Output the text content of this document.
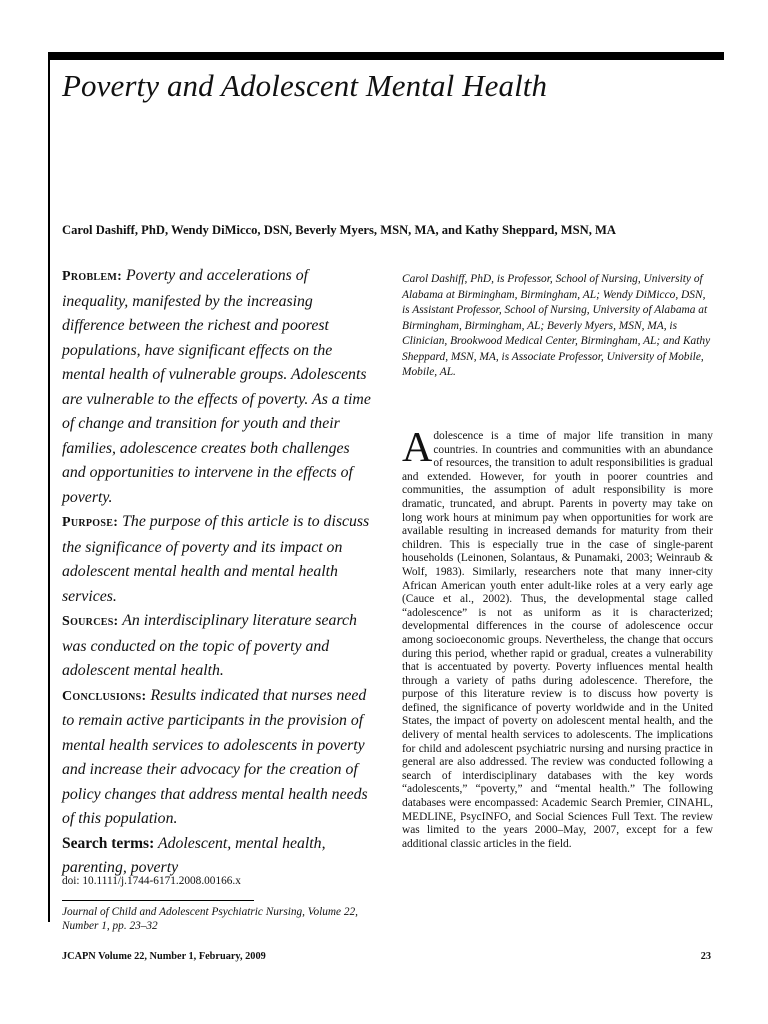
Poverty and Adolescent Mental Health
Carol Dashiff, PhD, Wendy DiMicco, DSN, Beverly Myers, MSN, MA, and Kathy Sheppard, MSN, MA

Problem: Poverty and accelerations of inequality, manifested by the increasing difference between the richest and poorest populations, have significant effects on the mental health of vulnerable groups. Adolescents are vulnerable to the effects of poverty. As a time of change and transition for youth and their families, adolescence creates both challenges and opportunities to intervene in the effects of poverty.

Purpose: The purpose of this article is to discuss the significance of poverty and its impact on adolescent mental health and mental health services.

Sources: An interdisciplinary literature search was conducted on the topic of poverty and adolescent mental health.

Conclusions: Results indicated that nurses need to remain active participants in the provision of mental health services to adolescents in poverty and increase their advocacy for the creation of policy changes that address mental health needs of this population.

Search terms: Adolescent, mental health, parenting, poverty

doi: 10.1111/j.1744-6171.2008.00166.x

Journal of Child and Adolescent Psychiatric Nursing, Volume 22, Number 1, pp. 23–32

Carol Dashiff, PhD, is Professor, School of Nursing, University of Alabama at Birmingham, Birmingham, AL; Wendy DiMicco, DSN, is Assistant Professor, School of Nursing, University of Alabama at Birmingham, Birmingham, AL; Beverly Myers, MSN, MA, is Clinician, Brookwood Medical Center, Birmingham, AL; and Kathy Sheppard, MSN, MA, is Associate Professor, University of Mobile, Mobile, AL.

Adolescence is a time of major life transition in many countries. In countries and communities with an abundance of resources, the transition to adult responsibilities is gradual and extended. However, for youth in poorer countries and communities, the assumption of adult responsibility is more dramatic, truncated, and abrupt. Parents in poverty may take on long work hours at minimum pay when opportunities for work are available resulting in increased demands for maturity from their children. This is especially true in the case of single-parent households (Leinonen, Solantaus, & Punamaki, 2003; Weinraub & Wolf, 1983). Similarly, researchers note that many inner-city African American youth enter adult-like roles at a very early age (Cauce et al., 2002). Thus, the developmental stage called “adolescence” is not as uniform as it is characterized; developmental differences in the course of adolescence occur among socioeconomic groups. Nevertheless, the change that occurs during this period, whether rapid or gradual, creates a vulnerability that is accentuated by poverty. Poverty influences mental health through a variety of paths during adolescence. Therefore, the purpose of this literature review is to discuss how poverty is defined, the significance of poverty worldwide and in the United States, the impact of poverty on adolescent mental health, and the delivery of mental health services to adolescents. The implications for child and adolescent psychiatric nursing and nursing practice in general are also addressed. The review was conducted following a search of interdisciplinary databases with the key words “adolescents,” “poverty,” and “mental health.” The following databases were encompassed: Academic Search Premier, CINAHL, MEDLINE, PsycINFO, and Social Sciences Full Text. The review was limited to the years 2000–May, 2007, except for a few additional classic articles in the field.

JCAPN Volume 22, Number 1, February, 2009	23
